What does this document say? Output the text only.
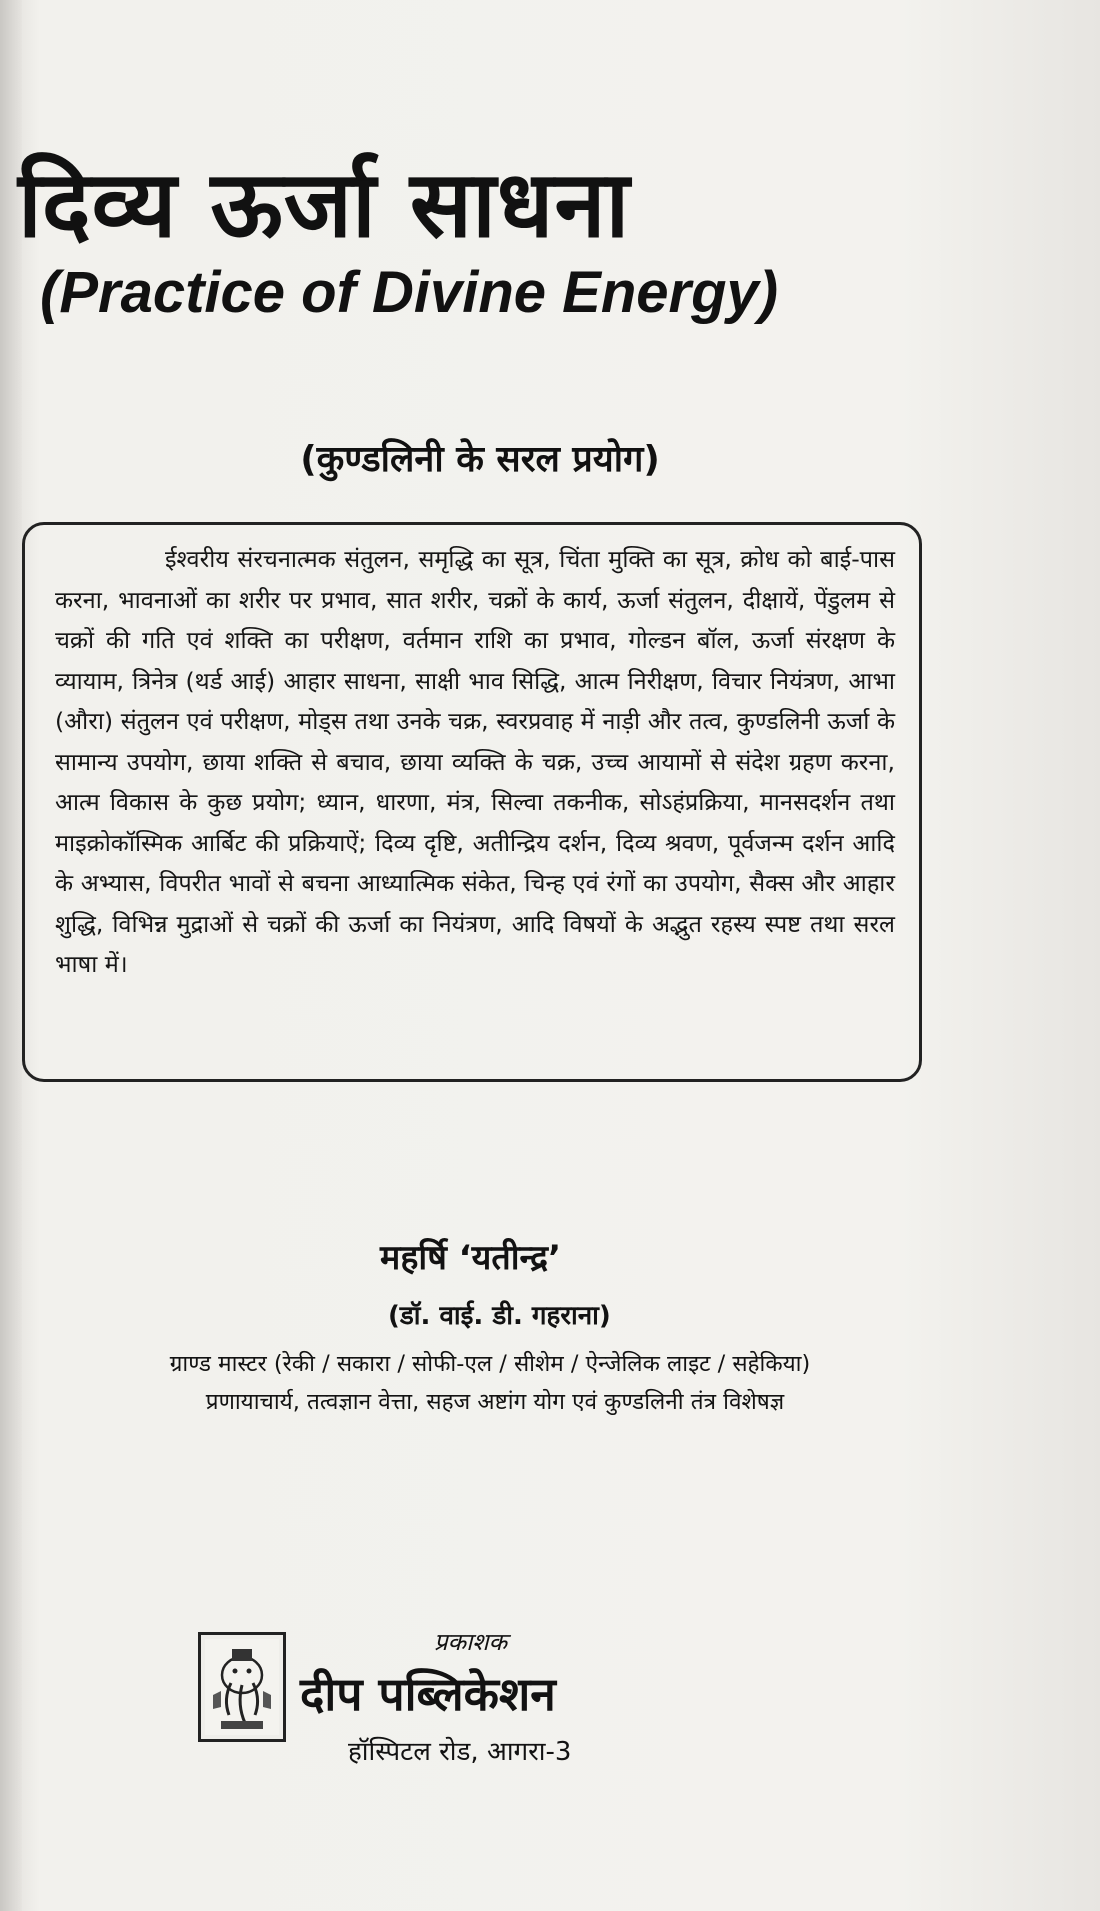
दिव्य ऊर्जा साधना
(Practice of Divine Energy)
(कुण्डलिनी के सरल प्रयोग)

ईश्वरीय संरचनात्मक संतुलन, समृद्धि का सूत्र, चिंता मुक्ति का सूत्र, क्रोध को बाई-पास करना, भावनाओं का शरीर पर प्रभाव, सात शरीर, चक्रों के कार्य, ऊर्जा संतुलन, दीक्षायें, पेंडुलम से चक्रों की गति एवं शक्ति का परीक्षण, वर्तमान राशि का प्रभाव, गोल्डन बॉल, ऊर्जा संरक्षण के व्यायाम, त्रिनेत्र (थर्ड आई) आहार साधना, साक्षी भाव सिद्धि, आत्म निरीक्षण, विचार नियंत्रण, आभा (औरा) संतुलन एवं परीक्षण, मोड्स तथा उनके चक्र, स्वरप्रवाह में नाड़ी और तत्व, कुण्डलिनी ऊर्जा के सामान्य उपयोग, छाया शक्ति से बचाव, छाया व्यक्ति के चक्र, उच्च आयामों से संदेश ग्रहण करना, आत्म विकास के कुछ प्रयोग; ध्यान, धारणा, मंत्र, सिल्वा तकनीक, सोऽहंप्रक्रिया, मानसदर्शन तथा माइक्रोकॉस्मिक आर्बिट की प्रक्रियाऐं; दिव्य दृष्टि, अतीन्द्रिय दर्शन, दिव्य श्रवण, पूर्वजन्म दर्शन आदि के अभ्यास, विपरीत भावों से बचना आध्यात्मिक संकेत, चिन्ह एवं रंगों का उपयोग, सैक्स और आहार शुद्धि, विभिन्न मुद्राओं से चक्रों की ऊर्जा का नियंत्रण, आदि विषयों के अद्भुत रहस्य स्पष्ट तथा सरल भाषा में।

महर्षि ‘यतीन्द्र’
(डॉ. वाई. डी. गहराना)
ग्राण्ड मास्टर (रेकी / सकारा / सोफी-एल / सीशेम / ऐन्जेलिक लाइट / सहेकिया)
प्रणायाचार्य, तत्वज्ञान वेत्ता, सहज अष्टांग योग एवं कुण्डलिनी तंत्र विशेषज्ञ
प्रकाशक
दीप पब्लिकेशन
हॉस्पिटल रोड, आगरा-3
